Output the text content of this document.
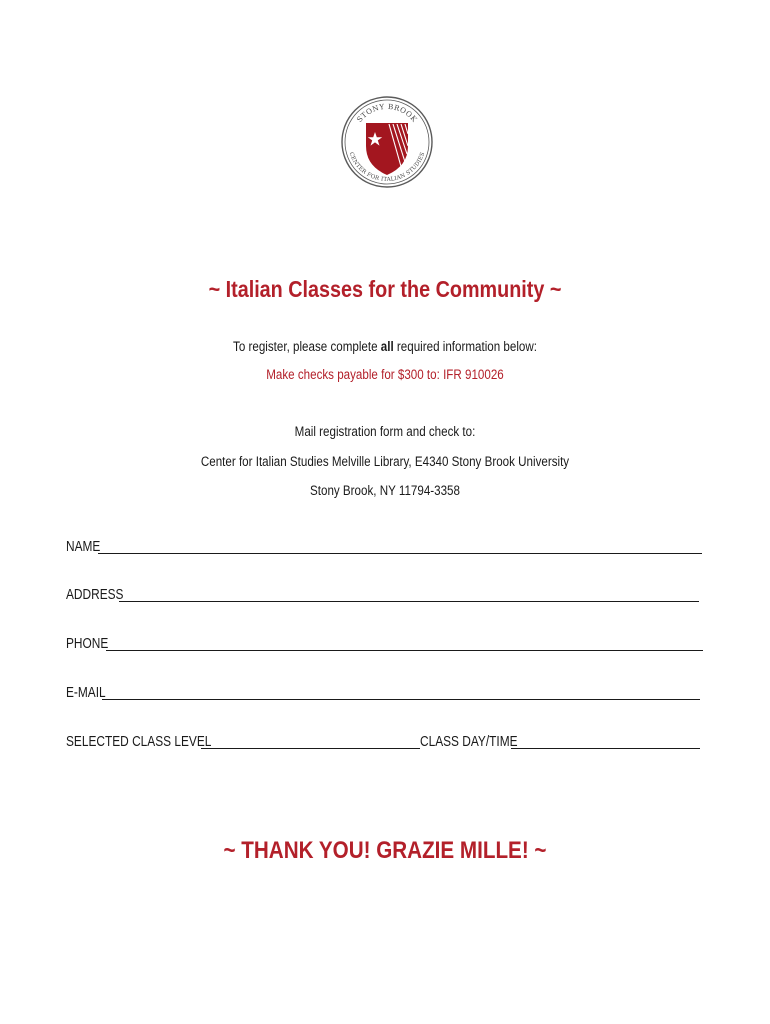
STONY BROOK
CENTER FOR ITALIAN STUDIES
~ Italian Classes for the Community ~
To register, please complete all required information below:
Make checks payable for $300 to: IFR 910026
Mail registration form and check to:
Center for Italian Studies Melville Library, E4340 Stony Brook University
Stony Brook, NY 11794-3358
NAME
ADDRESS
PHONE
E-MAIL
SELECTED CLASS LEVEL	CLASS DAY/TIME
~ THANK YOU! GRAZIE MILLE! ~
